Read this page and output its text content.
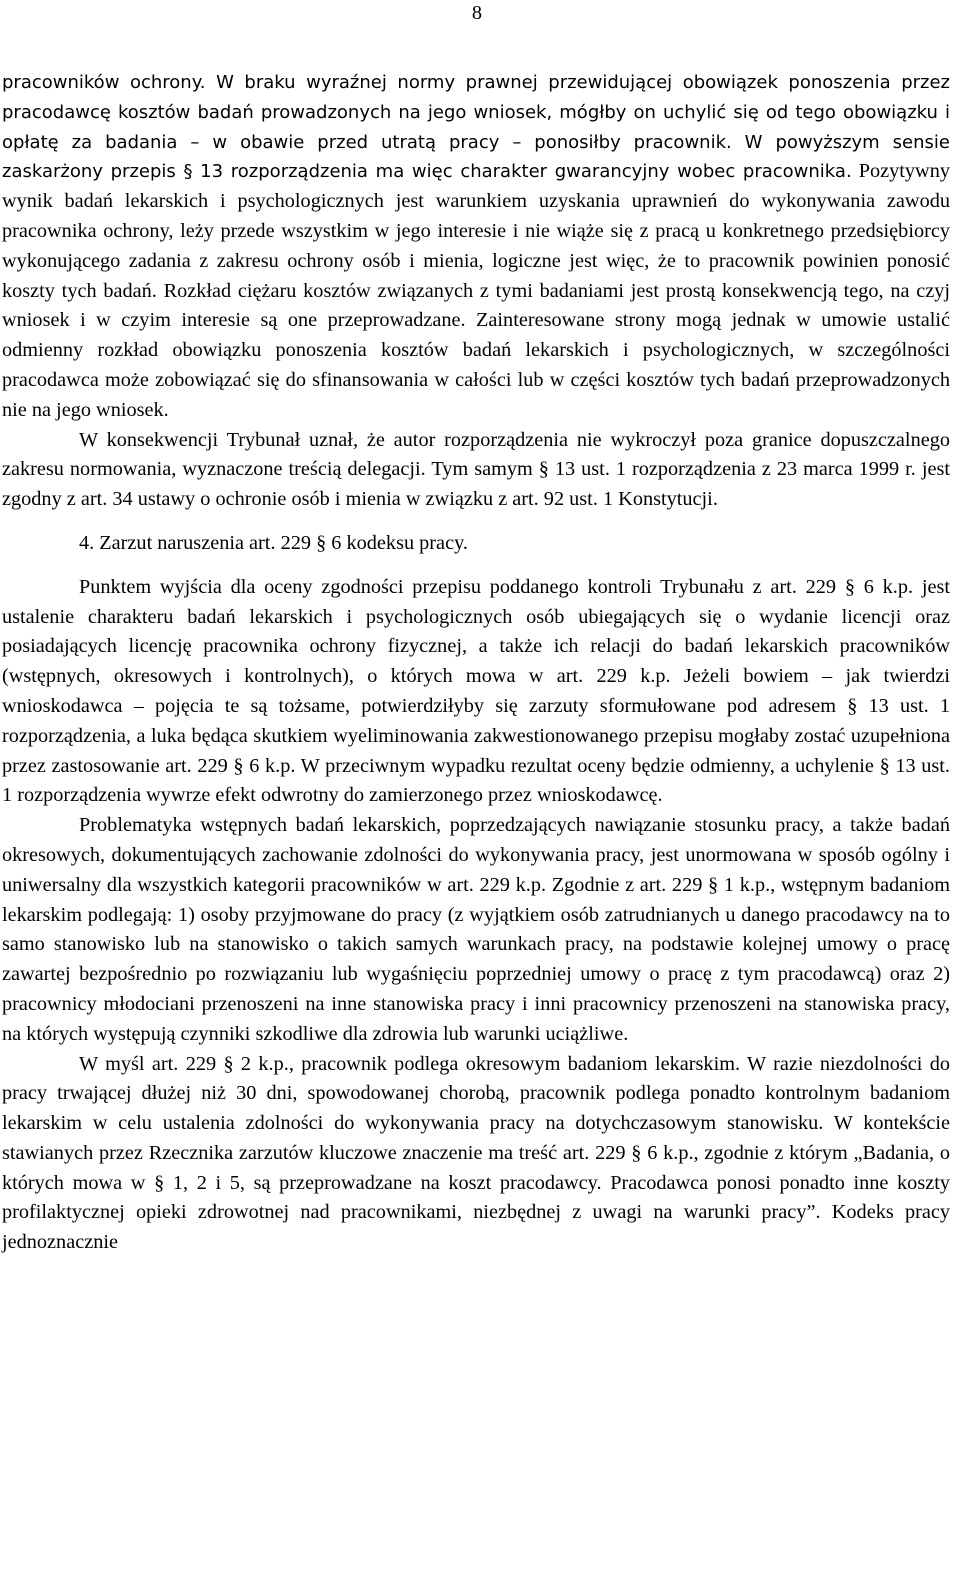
8

pracowników ochrony. W braku wyraźnej normy prawnej przewidującej obowiązek ponoszenia przez pracodawcę kosztów badań prowadzonych na jego wniosek, mógłby on uchylić się od tego obowiązku i opłatę za badania – w obawie przed utratą pracy – ponosiłby pracownik. W powyższym sensie zaskarżony przepis § 13 rozporządzenia ma więc charakter gwarancyjny wobec pracownika. Pozytywny wynik badań lekarskich i psychologicznych jest warunkiem uzyskania uprawnień do wykonywania zawodu pracownika ochrony, leży przede wszystkim w jego interesie i nie wiąże się z pracą u konkretnego przedsiębiorcy wykonującego zadania z zakresu ochrony osób i mienia, logiczne jest więc, że to pracownik powinien ponosić koszty tych badań. Rozkład ciężaru kosztów związanych z tymi badaniami jest prostą konsekwencją tego, na czyj wniosek i w czyim interesie są one przeprowadzane. Zainteresowane strony mogą jednak w umowie ustalić odmienny rozkład obowiązku ponoszenia kosztów badań lekarskich i psychologicznych, w szczególności pracodawca może zobowiązać się do sfinansowania w całości lub w części kosztów tych badań przeprowadzonych nie na jego wniosek.

W konsekwencji Trybunał uznał, że autor rozporządzenia nie wykroczył poza granice dopuszczalnego zakresu normowania, wyznaczone treścią delegacji. Tym samym § 13 ust. 1 rozporządzenia z 23 marca 1999 r. jest zgodny z art. 34 ustawy o ochronie osób i mienia w związku z art. 92 ust. 1 Konstytucji.

4. Zarzut naruszenia art. 229 § 6 kodeksu pracy.

Punktem wyjścia dla oceny zgodności przepisu poddanego kontroli Trybunału z art. 229 § 6 k.p. jest ustalenie charakteru badań lekarskich i psychologicznych osób ubiegających się o wydanie licencji oraz posiadających licencję pracownika ochrony fizycznej, a także ich relacji do badań lekarskich pracowników (wstępnych, okresowych i kontrolnych), o których mowa w art. 229 k.p. Jeżeli bowiem – jak twierdzi wnioskodawca – pojęcia te są tożsame, potwierdziłyby się zarzuty sformułowane pod adresem § 13 ust. 1 rozporządzenia, a luka będąca skutkiem wyeliminowania zakwestionowanego przepisu mogłaby zostać uzupełniona przez zastosowanie art. 229 § 6 k.p. W przeciwnym wypadku rezultat oceny będzie odmienny, a uchylenie § 13 ust. 1 rozporządzenia wywrze efekt odwrotny do zamierzonego przez wnioskodawcę.

Problematyka wstępnych badań lekarskich, poprzedzających nawiązanie stosunku pracy, a także badań okresowych, dokumentujących zachowanie zdolności do wykonywania pracy, jest unormowana w sposób ogólny i uniwersalny dla wszystkich kategorii pracowników w art. 229 k.p. Zgodnie z art. 229 § 1 k.p., wstępnym badaniom lekarskim podlegają: 1) osoby przyjmowane do pracy (z wyjątkiem osób zatrudnianych u danego pracodawcy na to samo stanowisko lub na stanowisko o takich samych warunkach pracy, na podstawie kolejnej umowy o pracę zawartej bezpośrednio po rozwiązaniu lub wygaśnięciu poprzedniej umowy o pracę z tym pracodawcą) oraz 2) pracownicy młodociani przenoszeni na inne stanowiska pracy i inni pracownicy przenoszeni na stanowiska pracy, na których występują czynniki szkodliwe dla zdrowia lub warunki uciążliwe.

W myśl art. 229 § 2 k.p., pracownik podlega okresowym badaniom lekarskim. W razie niezdolności do pracy trwającej dłużej niż 30 dni, spowodowanej chorobą, pracownik podlega ponadto kontrolnym badaniom lekarskim w celu ustalenia zdolności do wykonywania pracy na dotychczasowym stanowisku. W kontekście stawianych przez Rzecznika zarzutów kluczowe znaczenie ma treść art. 229 § 6 k.p., zgodnie z którym „Badania, o których mowa w § 1, 2 i 5, są przeprowadzane na koszt pracodawcy. Pracodawca ponosi ponadto inne koszty profilaktycznej opieki zdrowotnej nad pracownikami, niezbędnej z uwagi na warunki pracy”. Kodeks pracy jednoznacznie
